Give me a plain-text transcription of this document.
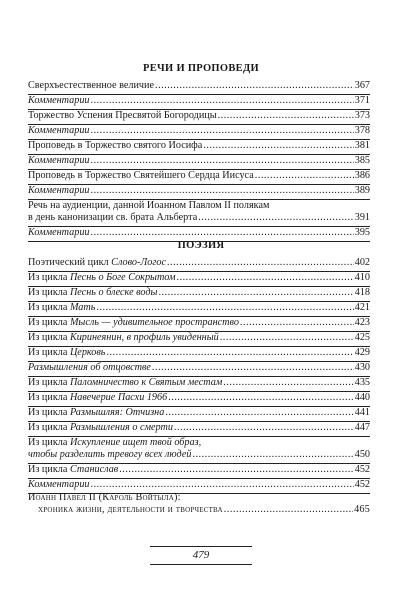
РЕЧИ И ПРОПОВЕДИ
Сверхъестественное величие .....	367
Комментарии .....	371
Торжество Успения Пресвятой Богородицы .....	373
Комментарии .....	378
Проповедь в Торжество святого Иосифа .....	381
Комментарии .....	385
Проповедь в Торжество Святейшего Сердца Иисуса .....	386
Комментарии .....	389
Речь на аудиенции, данной Иоанном Павлом II полякам
в день канонизации св. брата Альберта .....	391
Комментарии .....	395
ПОЭЗИЯ
Поэтический цикл Слово-Логос .....	402
Из цикла Песнь о Боге Сокрытом .....	410
Из цикла Песнь о блеске воды .....	418
Из цикла Мать .....	421
Из цикла Мысль — удивительное пространство .....	423
Из цикла Киринеянин, в профиль увиденный .....	425
Из цикла Церковь .....	429
Размышления об отцовстве .....	430
Из цикла Паломничество к Святым местам .....	435
Из цикла Навечерие Пасхи 1966 .....	440
Из цикла Размышляя: Отчизна .....	441
Из цикла Размышления о смерти .....	447
Из цикла Искупление ищет твой образ,
чтобы разделить тревогу всех людей .....	450
Из цикла Станислав .....	452
Комментарии .....	452
Иоанн Павел II (Кароль Войтыла):
хроника жизни, деятельности и творчества .....	465
479
